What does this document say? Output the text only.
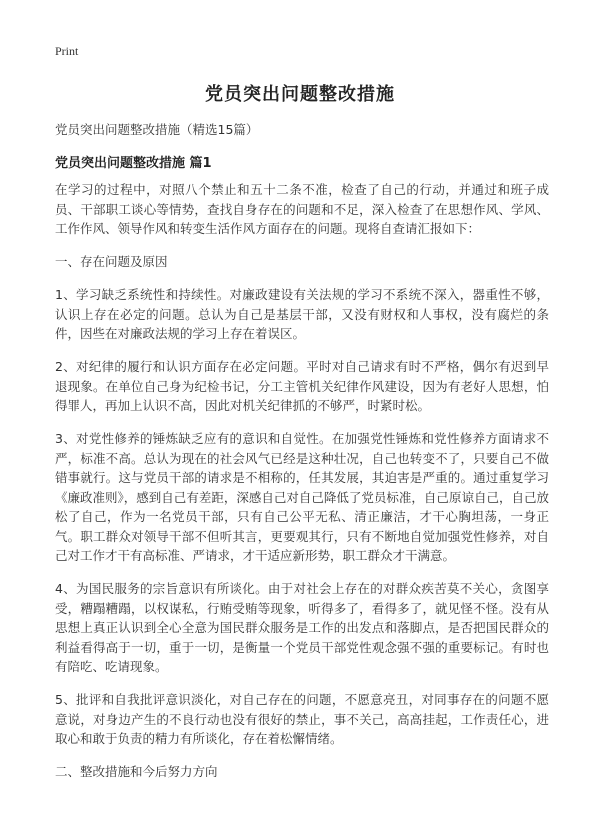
Print
党员突出问题整改措施
党员突出问题整改措施（精选15篇）
党员突出问题整改措施 篇1

在学习的过程中，对照八个禁止和五十二条不准，检查了自己的行动，并通过和班子成员、干部职工谈心等情势，查找自身存在的问题和不足，深入检查了在思想作风、学风、工作作风、领导作风和转变生活作风方面存在的问题。现将自查请汇报如下：

一、存在问题及原因

1、学习缺乏系统性和持续性。对廉政建设有关法规的学习不系统不深入，器重性不够，认识上存在必定的问题。总认为自己是基层干部，又没有财权和人事权，没有腐烂的条件，因些在对廉政法规的学习上存在着误区。

2、对纪律的履行和认识方面存在必定问题。平时对自己请求有时不严格，偶尔有迟到早退现象。在单位自己身为纪检书记，分工主管机关纪律作风建设，因为有老好人思想，怕得罪人，再加上认识不高，因此对机关纪律抓的不够严，时紧时松。

3、对党性修养的锤炼缺乏应有的意识和自觉性。在加强党性锤炼和党性修养方面请求不严，标准不高。总认为现在的社会风气已经是这种壮况，自己也转变不了，只要自己不做错事就行。这与党员干部的请求是不相称的，任其发展，其迫害是严重的。通过重复学习《廉政准则》，感到自己有差距，深感自己对自己降低了党员标准，自己原谅自己，自己放松了自己，作为一名党员干部，只有自己公平无私、清正廉洁，才干心胸坦荡，一身正气。职工群众对领导干部不但听其言，更要观其行，只有不断地自觉加强党性修养，对自己对工作才干有高标准、严请求，才干适应新形势，职工群众才干满意。

4、为国民服务的宗旨意识有所谈化。由于对社会上存在的对群众疾苦莫不关心，贪图享受，糟蹋糟蹋，以权谋私，行贿受贿等现象，听得多了，看得多了，就见怪不怪。没有从思想上真正认识到全心全意为国民群众服务是工作的出发点和落脚点，是否把国民群众的利益看得高于一切，重于一切，是衡量一个党员干部党性观念强不强的重要标记。有时也有陪吃、吃请现象。

5、批评和自我批评意识淡化，对自己存在的问题，不愿意亮丑，对同事存在的问题不愿意说，对身边产生的不良行动也没有很好的禁止，事不关己，高高挂起，工作责任心，进取心和敢于负责的精力有所谈化，存在着松懈情绪。

二、整改措施和今后努力方向
